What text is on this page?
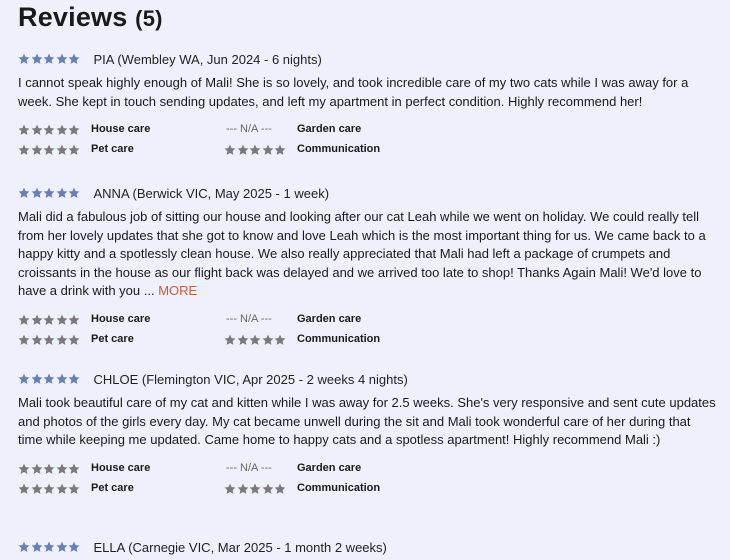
Reviews (5)
PIA (Wembley WA, Jun 2024 - 6 nights)
I cannot speak highly enough of Mali! She is so lovely, and took incredible care of my two cats while I was away for a week. She kept in touch sending updates, and left my apartment in perfect condition. Highly recommend her!
House care	--- N/A --- Garden care
Pet care	Communication
ANNA (Berwick VIC, May 2025 - 1 week)
Mali did a fabulous job of sitting our house and looking after our cat Leah while we went on holiday. We could really tell from her lovely updates that she got to know and love Leah which is the most important thing for us. We came back to a happy kitty and a spotlessly clean house. We also really appreciated that Mali had left a package of crumpets and croissants in the house as our flight back was delayed and we arrived too late to shop! Thanks Again Mali! We'd love to have a drink with you ... MORE
House care	--- N/A --- Garden care
Pet care	Communication
CHLOE (Flemington VIC, Apr 2025 - 2 weeks 4 nights)
Mali took beautiful care of my cat and kitten while I was away for 2.5 weeks. She's very responsive and sent cute updates and photos of the girls every day. My cat became unwell during the sit and Mali took wonderful care of her during that time while keeping me updated. Came home to happy cats and a spotless apartment! Highly recommend Mali :)
House care	--- N/A --- Garden care
Pet care	Communication
ELLA (Carnegie VIC, Mar 2025 - 1 month 2 weeks)
